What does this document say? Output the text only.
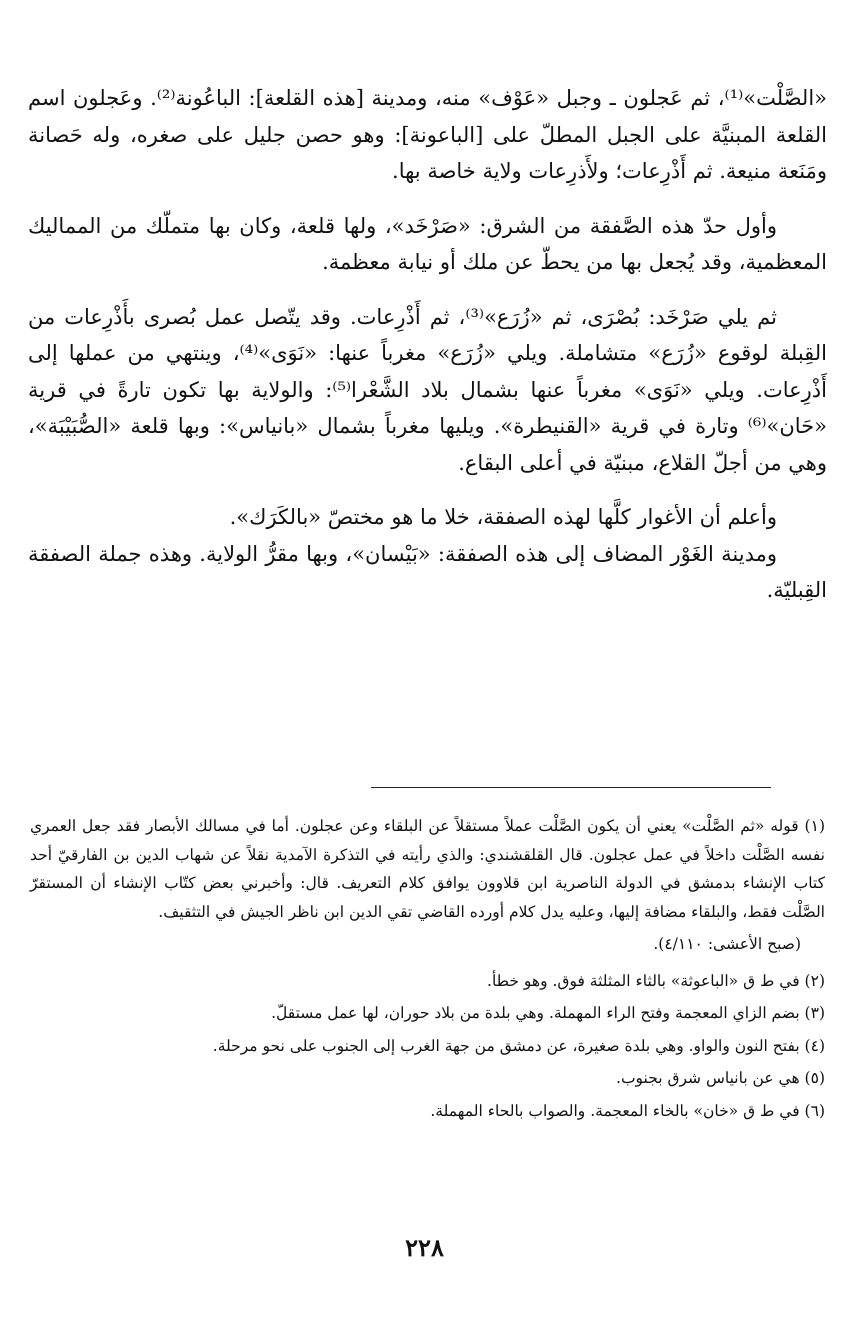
«الصَّلْت»⁽¹⁾، ثم عَجلون ـ وجبل «عَوْف» منه، ومدينة [هذه القلعة]: الباعُونة⁽²⁾. وعَجلون اسم القلعة المبنيَّة على الجبل المطلّ على [الباعونة]: وهو حصن جليل على صغره، وله حَصانة ومَنَعة منيعة. ثم أَذْرِعات؛ ولأَذرِعات ولاية خاصة بها.

وأول حدّ هذه الصَّفقة من الشرق: «صَرْخَد»، ولها قلعة، وكان بها متملّك من المماليك المعظمية، وقد يُجعل بها من يحطّ عن ملك أو نيابة معظمة.

ثم يلي صَرْخَد: بُصْرَى، ثم «زُرَع»⁽³⁾، ثم أَذْرِعات. وقد يتّصل عمل بُصرى بأَذْرِعات من القِبلة لوقوع «زُرَع» متشاملة. ويلي «زُرَع» مغرباً عنها: «نَوَى»⁽⁴⁾، وينتهي من عملها إلى أَذْرِعات. ويلي «نَوَى» مغرباً عنها بشمال بلاد الشَّعْرا⁽⁵⁾: والولاية بها تكون تارةً في قرية «حَان»⁽⁶⁾ وتارة في قرية «القنيطرة». ويليها مغرباً بشمال «بانياس»: وبها قلعة «الصُّبَيْبَة»، وهي من أجلّ القلاع، مبنيّة في أعلى البقاع.

وأعلم أن الأغوار كلَّها لهذه الصفقة، خلا ما هو مختصّ «بالكَرَك».

ومدينة الغَوْر المضاف إلى هذه الصفقة: «بَيْسان»، وبها مقرُّ الولاية. وهذه جملة الصفقة القِبليّة.

(١) قوله «ثم الصَّلْت» يعني أن يكون الصَّلْت عملاً مستقلاً عن البلقاء وعن عجلون. أما في مسالك الأبصار فقد جعل العمري نفسه الصَّلْت داخلاً في عمل عجلون. قال القلقشندي: والذي رأيته في التذكرة الآمدية نقلاً عن شهاب الدين بن الفارقيّ أحد كتاب الإنشاء بدمشق في الدولة الناصرية ابن قلاوون يوافق كلام التعريف. قال: وأخبرني بعض كتّاب الإنشاء أن المستقرّ الصَّلْت فقط، والبلقاء مضافة إليها، وعليه يدل كلام أورده القاضي تقي الدين ابن ناظر الجيش في التثقيف.

(صبح الأعشى: ٤/١١٠).

(٢) في ط ق «الباعوثة» بالثاء المثلثة فوق. وهو خطأ.

(٣) بضم الزاي المعجمة وفتح الراء المهملة. وهي بلدة من بلاد حوران، لها عمل مستقلّ.

(٤) بفتح النون والواو. وهي بلدة صغيرة، عن دمشق من جهة الغرب إلى الجنوب على نحو مرحلة.

(٥) هي عن بانياس شرق بجنوب.

(٦) في ط ق «خان» بالخاء المعجمة. والصواب بالحاء المهملة.

٢٢٨
